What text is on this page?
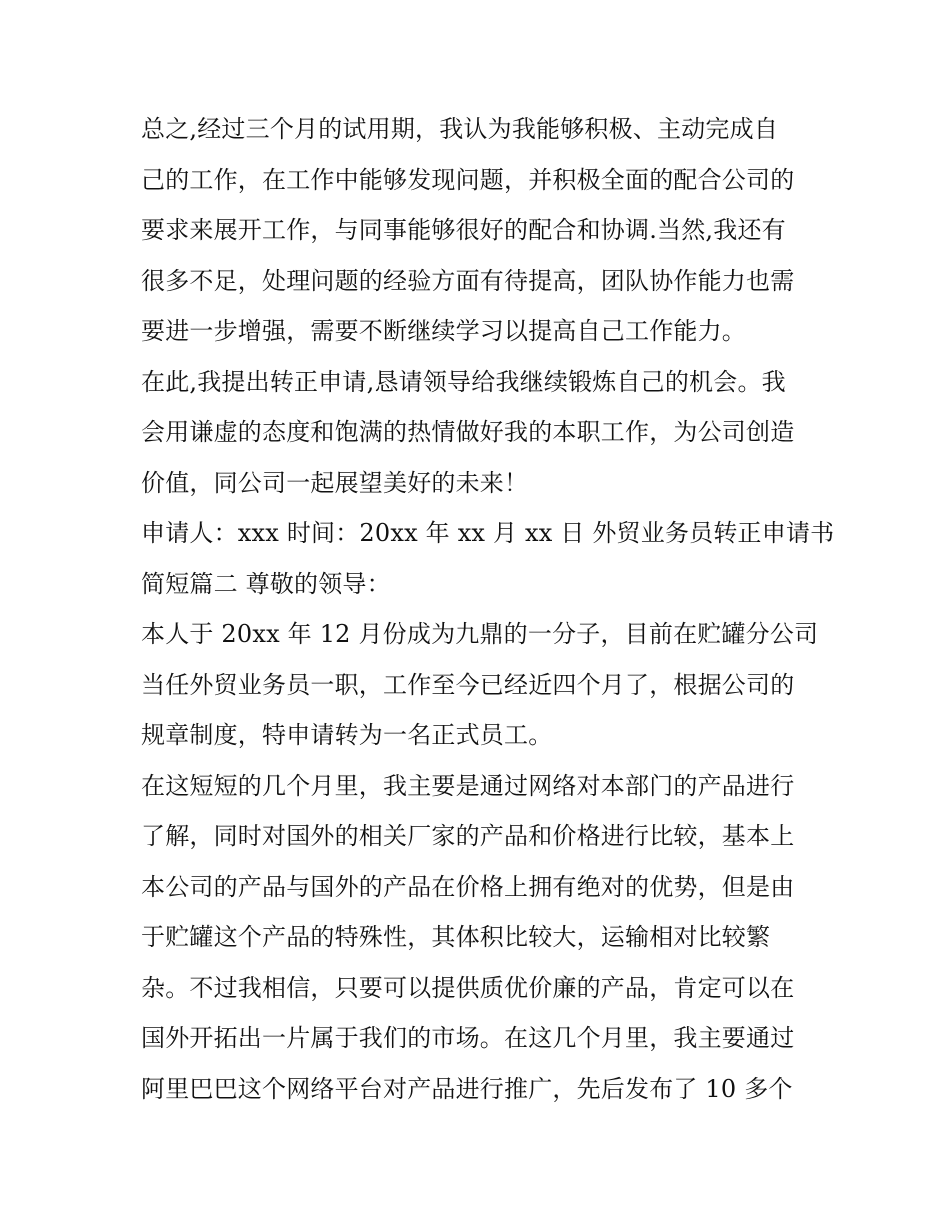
总之,经过三个月的试用期，我认为我能够积极、主动完成自
己的工作，在工作中能够发现问题，并积极全面的配合公司的
要求来展开工作，与同事能够很好的配合和协调.当然,我还有
很多不足，处理问题的经验方面有待提高，团队协作能力也需
要进一步增强，需要不断继续学习以提高自己工作能力。
在此,我提出转正申请,恳请领导给我继续锻炼自己的机会。我
会用谦虚的态度和饱满的热情做好我的本职工作，为公司创造
价值，同公司一起展望美好的未来！
申请人：xxx 时间：20xx 年 xx 月 xx 日 外贸业务员转正申请书
简短篇二 尊敬的领导：
本人于 20xx 年 12 月份成为九鼎的一分子，目前在贮罐分公司
当任外贸业务员一职，工作至今已经近四个月了，根据公司的
规章制度，特申请转为一名正式员工。
在这短短的几个月里，我主要是通过网络对本部门的产品进行
了解，同时对国外的相关厂家的产品和价格进行比较，基本上
本公司的产品与国外的产品在价格上拥有绝对的优势，但是由
于贮罐这个产品的特殊性，其体积比较大，运输相对比较繁
杂。不过我相信，只要可以提供质优价廉的产品，肯定可以在
国外开拓出一片属于我们的市场。在这几个月里，我主要通过
阿里巴巴这个网络平台对产品进行推广，先后发布了 10 多个
